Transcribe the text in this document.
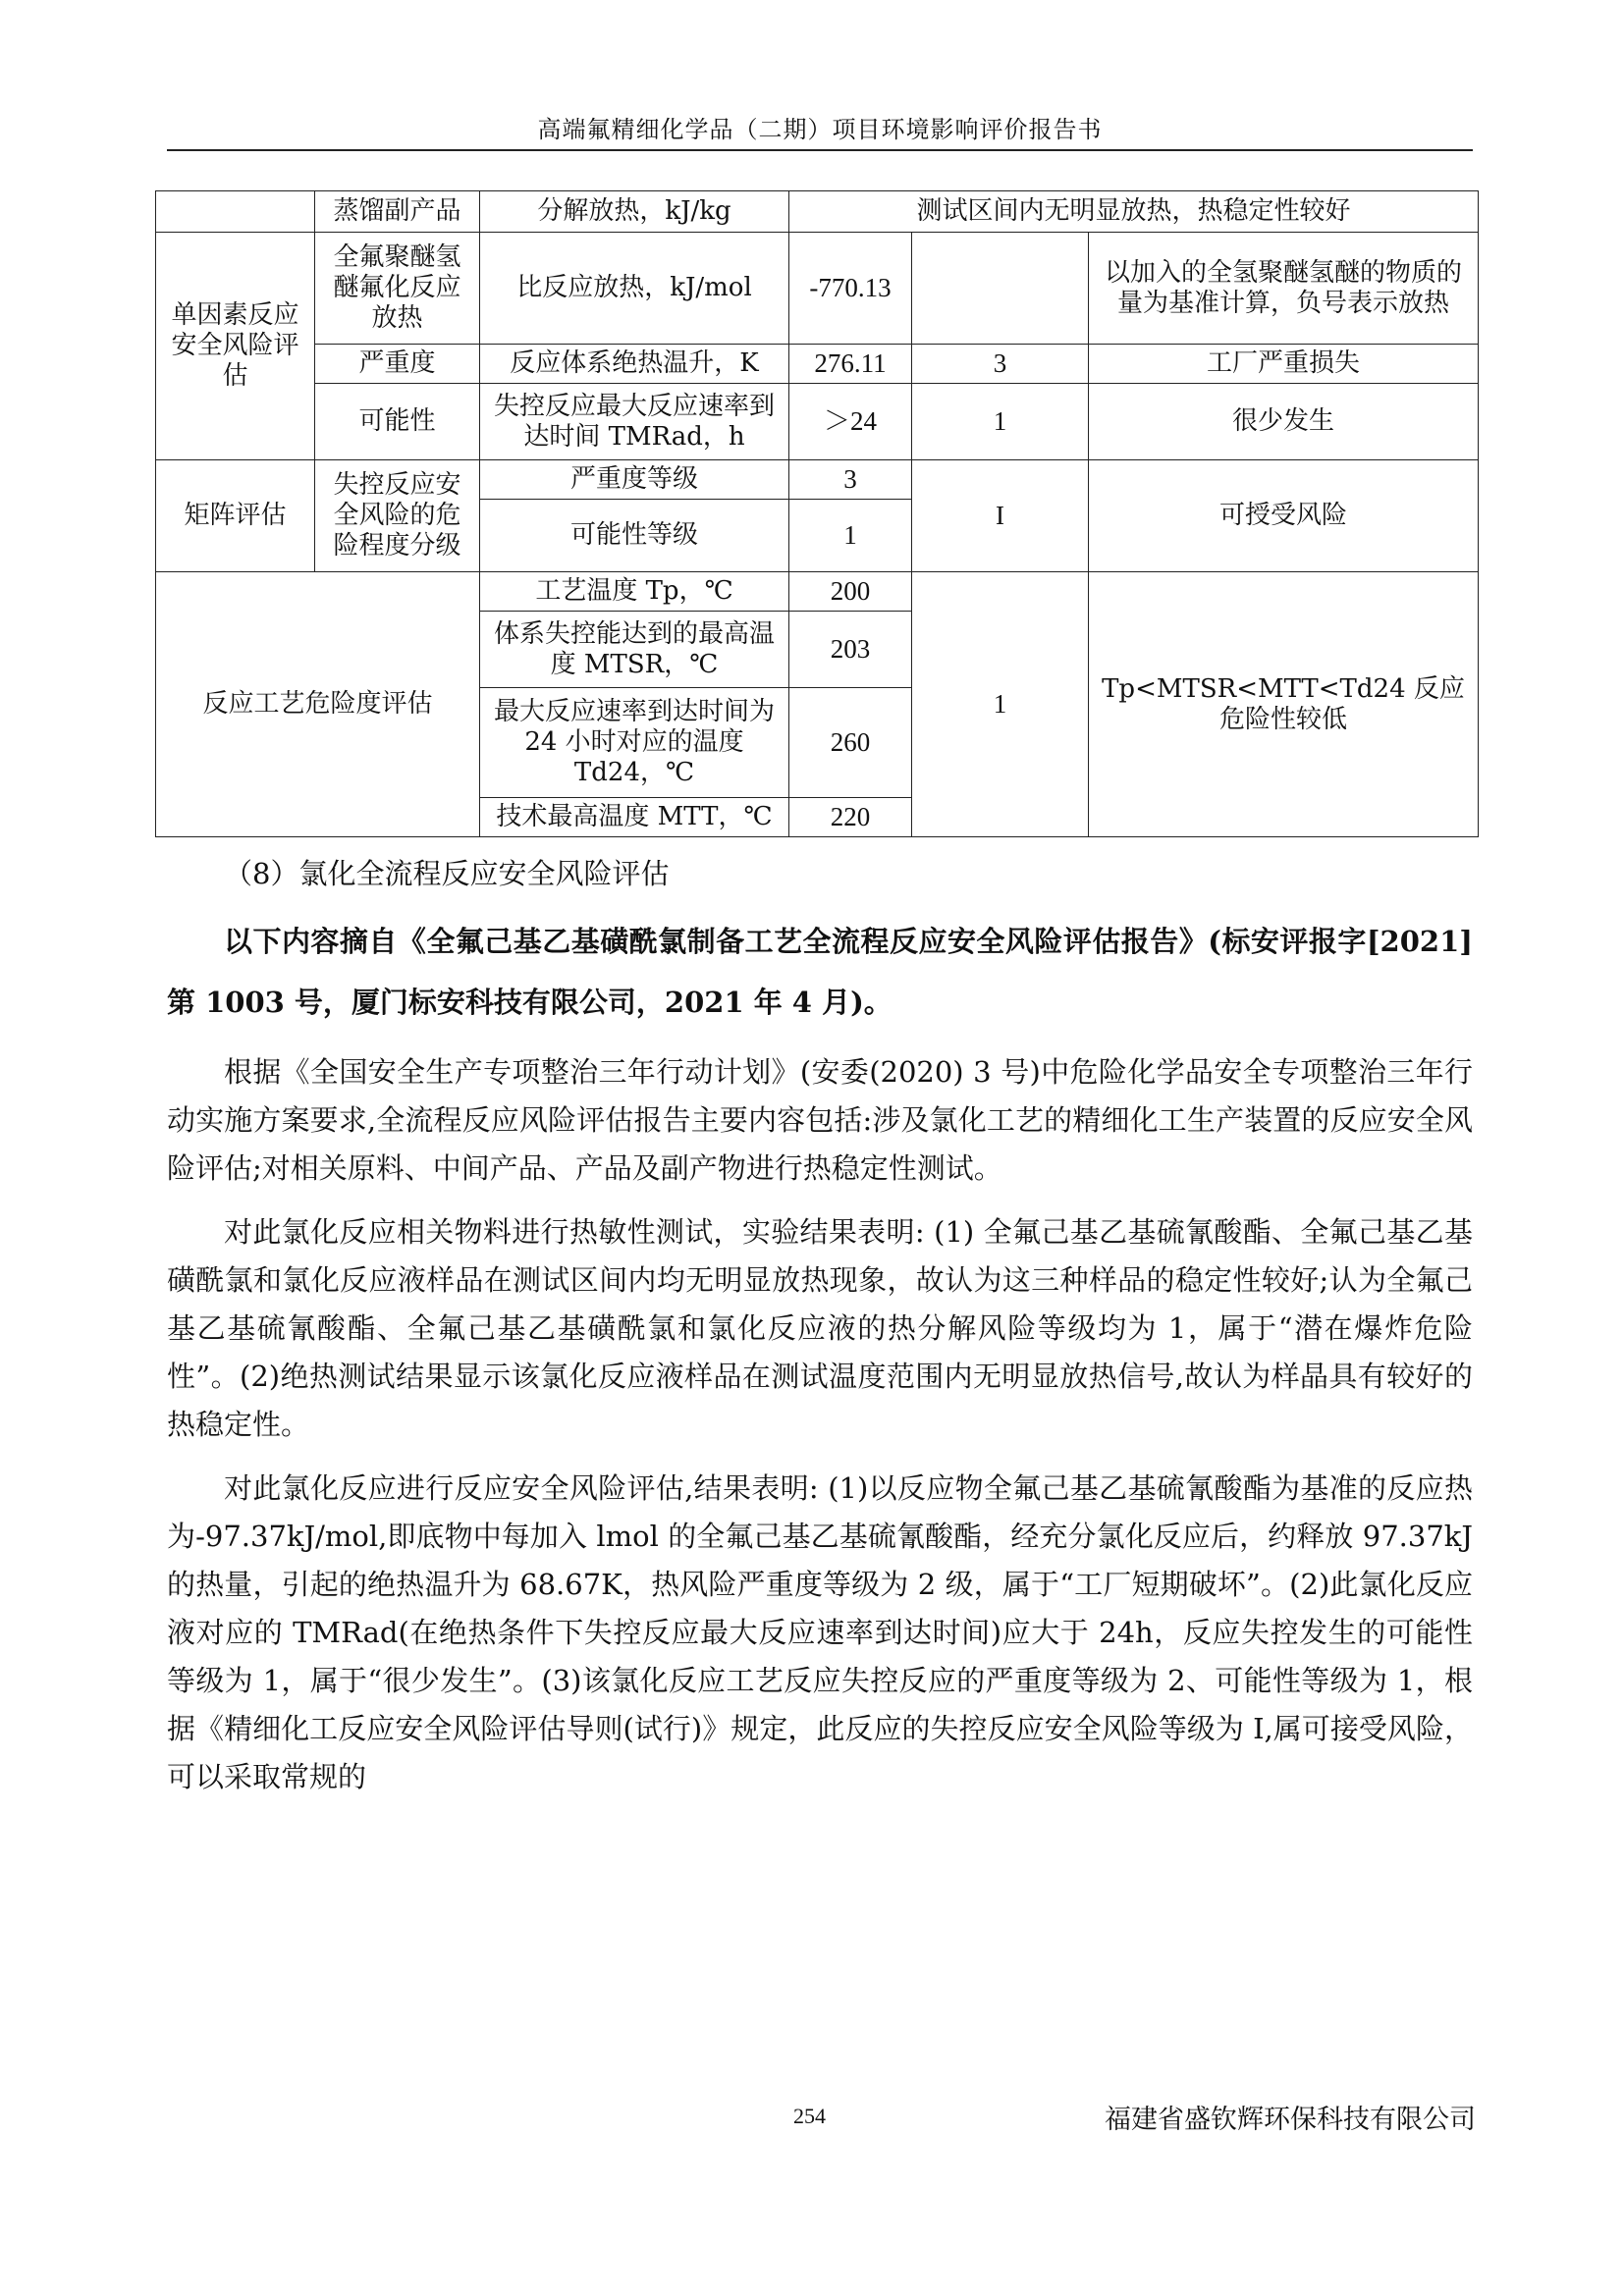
高端氟精细化学品（二期）项目环境影响评价报告书
	蒸馏副产品	分解放热，kJ/kg	测试区间内无明显放热，热稳定性较好		
单因素反应安全风险评估	全氟聚醚氢醚氟化反应放热	比反应放热，kJ/mol	-770.13		以加入的全氢聚醚氢醚的物质的量为基准计算，负号表示放热
	严重度	反应体系绝热温升，K	276.11	3	工厂严重损失
	可能性	失控反应最大反应速率到达时间 TMRad，h	＞24	1	很少发生
矩阵评估	失控反应安全风险的危险程度分级	严重度等级	3	I	可授受风险
		可能性等级	1		
反应工艺危险度评估		工艺温度 Tp，℃	200	1	Tp<MTSR<MTT<Td24 反应危险性较低
		体系失控能达到的最高温度 MTSR，℃	203		
		最大反应速率到达时间为 24 小时对应的温度 Td24，℃	260		
		技术最高温度 MTT，℃	220		
（8）氯化全流程反应安全风险评估

以下内容摘自《全氟己基乙基磺酰氯制备工艺全流程反应安全风险评估报告》(标安评报字[2021]第 1003 号，厦门标安科技有限公司，2021 年 4 月)。

根据《全国安全生产专项整治三年行动计划》(安委(2020) 3 号)中危险化学品安全专项整治三年行动实施方案要求,全流程反应风险评估报告主要内容包括:涉及氯化工艺的精细化工生产装置的反应安全风险评估;对相关原料、中间产品、产品及副产物进行热稳定性测试。

对此氯化反应相关物料进行热敏性测试，实验结果表明: (1) 全氟己基乙基硫氰酸酯、全氟己基乙基磺酰氯和氯化反应液样品在测试区间内均无明显放热现象，故认为这三种样品的稳定性较好;认为全氟己基乙基硫氰酸酯、全氟己基乙基磺酰氯和氯化反应液的热分解风险等级均为 1，属于“潜在爆炸危险性”。(2)绝热测试结果显示该氯化反应液样品在测试温度范围内无明显放热信号,故认为样晶具有较好的热稳定性。

对此氯化反应进行反应安全风险评估,结果表明: (1)以反应物全氟己基乙基硫氰酸酯为基准的反应热为-97.37kJ/mol,即底物中每加入 lmol 的全氟己基乙基硫氰酸酯，经充分氯化反应后，约释放 97.37kJ 的热量，引起的绝热温升为 68.67K，热风险严重度等级为 2 级，属于“工厂短期破坏”。(2)此氯化反应液对应的 TMRad(在绝热条件下失控反应最大反应速率到达时间)应大于 24h，反应失控发生的可能性等级为 1，属于“很少发生”。(3)该氯化反应工艺反应失控反应的严重度等级为 2、可能性等级为 1，根据《精细化工反应安全风险评估导则(试行)》规定，此反应的失控反应安全风险等级为 I,属可接受风险，可以采取常规的

254	福建省盛钦辉环保科技有限公司
